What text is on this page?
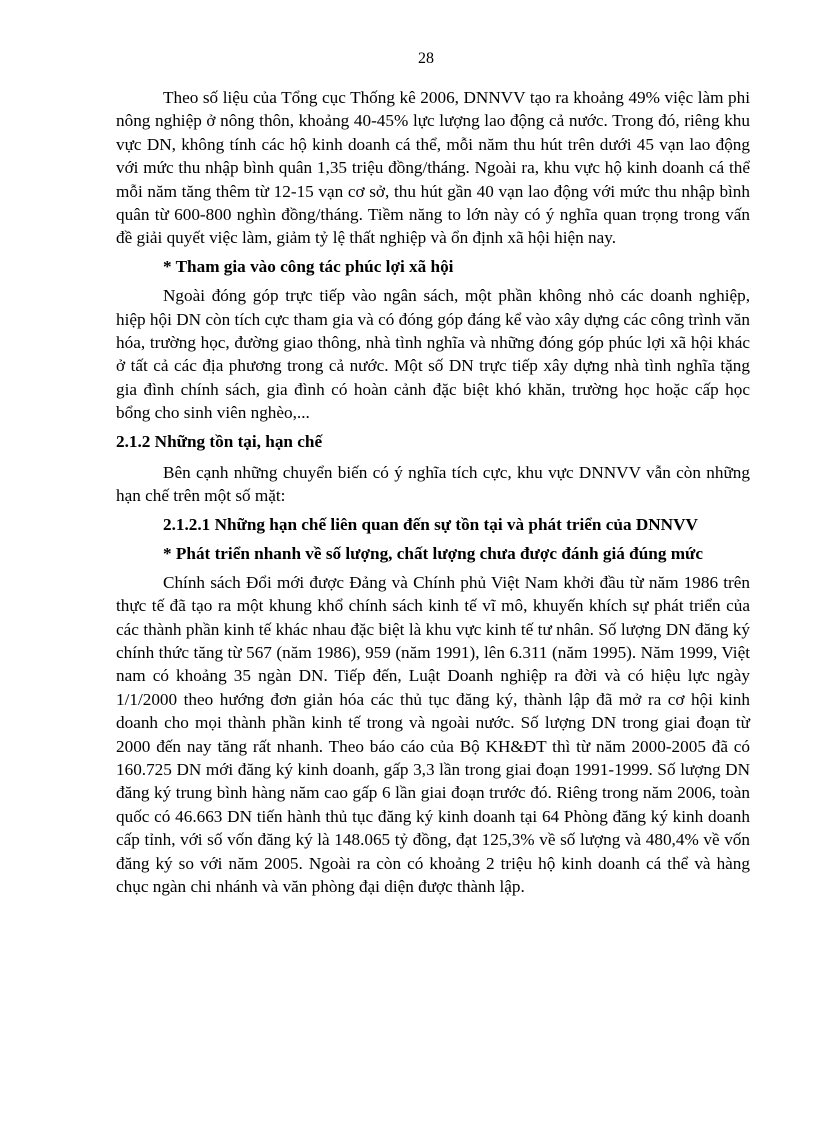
28

Theo số liệu của Tổng cục Thống kê 2006, DNNVV tạo ra khoảng 49% việc làm phi nông nghiệp ở nông thôn, khoảng 40-45% lực lượng lao động cả nước. Trong đó, riêng khu vực DN, không tính các hộ kinh doanh cá thể, mỗi năm thu hút trên dưới 45 vạn lao động với mức thu nhập bình quân 1,35 triệu đồng/tháng. Ngoài ra, khu vực hộ kinh doanh cá thể mỗi năm tăng thêm từ 12-15 vạn cơ sở, thu hút gần 40 vạn lao động với mức thu nhập bình quân từ 600-800 nghìn đồng/tháng. Tiềm năng to lớn này có ý nghĩa quan trọng trong vấn đề giải quyết việc làm, giảm tỷ lệ thất nghiệp và ổn định xã hội hiện nay.

* Tham gia vào công tác phúc lợi xã hội

Ngoài đóng góp trực tiếp vào ngân sách, một phần không nhỏ các doanh nghiệp, hiệp hội DN còn tích cực tham gia và có đóng góp đáng kể vào xây dựng các công trình văn hóa, trường học, đường giao thông, nhà tình nghĩa và những đóng góp phúc lợi xã hội khác ở tất cả các địa phương trong cả nước. Một số DN trực tiếp xây dựng nhà tình nghĩa tặng gia đình chính sách, gia đình có hoàn cảnh đặc biệt khó khăn, trường học hoặc cấp học bổng cho sinh viên nghèo,...

2.1.2 Những tồn tại, hạn chế

Bên cạnh những chuyển biến có ý nghĩa tích cực, khu vực DNNVV vẫn còn những hạn chế trên một số mặt:

2.1.2.1 Những hạn chế liên quan đến sự tồn tại và phát triển của DNNVV

* Phát triển nhanh về số lượng, chất lượng chưa được đánh giá đúng mức

Chính sách Đổi mới được Đảng và Chính phủ Việt Nam khởi đầu từ năm 1986 trên thực tế đã tạo ra một khung khổ chính sách kinh tế vĩ mô, khuyến khích sự phát triển của các thành phần kinh tế khác nhau đặc biệt là khu vực kinh tế tư nhân. Số lượng DN đăng ký chính thức tăng từ 567 (năm 1986), 959 (năm 1991), lên 6.311 (năm 1995). Năm 1999, Việt nam có khoảng 35 ngàn DN. Tiếp đến, Luật Doanh nghiệp ra đời và có hiệu lực ngày 1/1/2000 theo hướng đơn giản hóa các thủ tục đăng ký, thành lập đã mở ra cơ hội kinh doanh cho mọi thành phần kinh tế trong và ngoài nước. Số lượng DN trong giai đoạn từ 2000 đến nay tăng rất nhanh. Theo báo cáo của Bộ KH&ĐT thì từ năm 2000-2005 đã có 160.725 DN mới đăng ký kinh doanh, gấp 3,3 lần trong giai đoạn 1991-1999. Số lượng DN đăng ký trung bình hàng năm cao gấp 6 lần giai đoạn trước đó. Riêng trong năm 2006, toàn quốc có 46.663 DN tiến hành thủ tục đăng ký kinh doanh tại 64 Phòng đăng ký kinh doanh cấp tỉnh, với số vốn đăng ký là 148.065 tỷ đồng, đạt 125,3% về số lượng và 480,4% về vốn đăng ký so với năm 2005. Ngoài ra còn có khoảng 2 triệu hộ kinh doanh cá thể và hàng chục ngàn chi nhánh và văn phòng đại diện được thành lập.
